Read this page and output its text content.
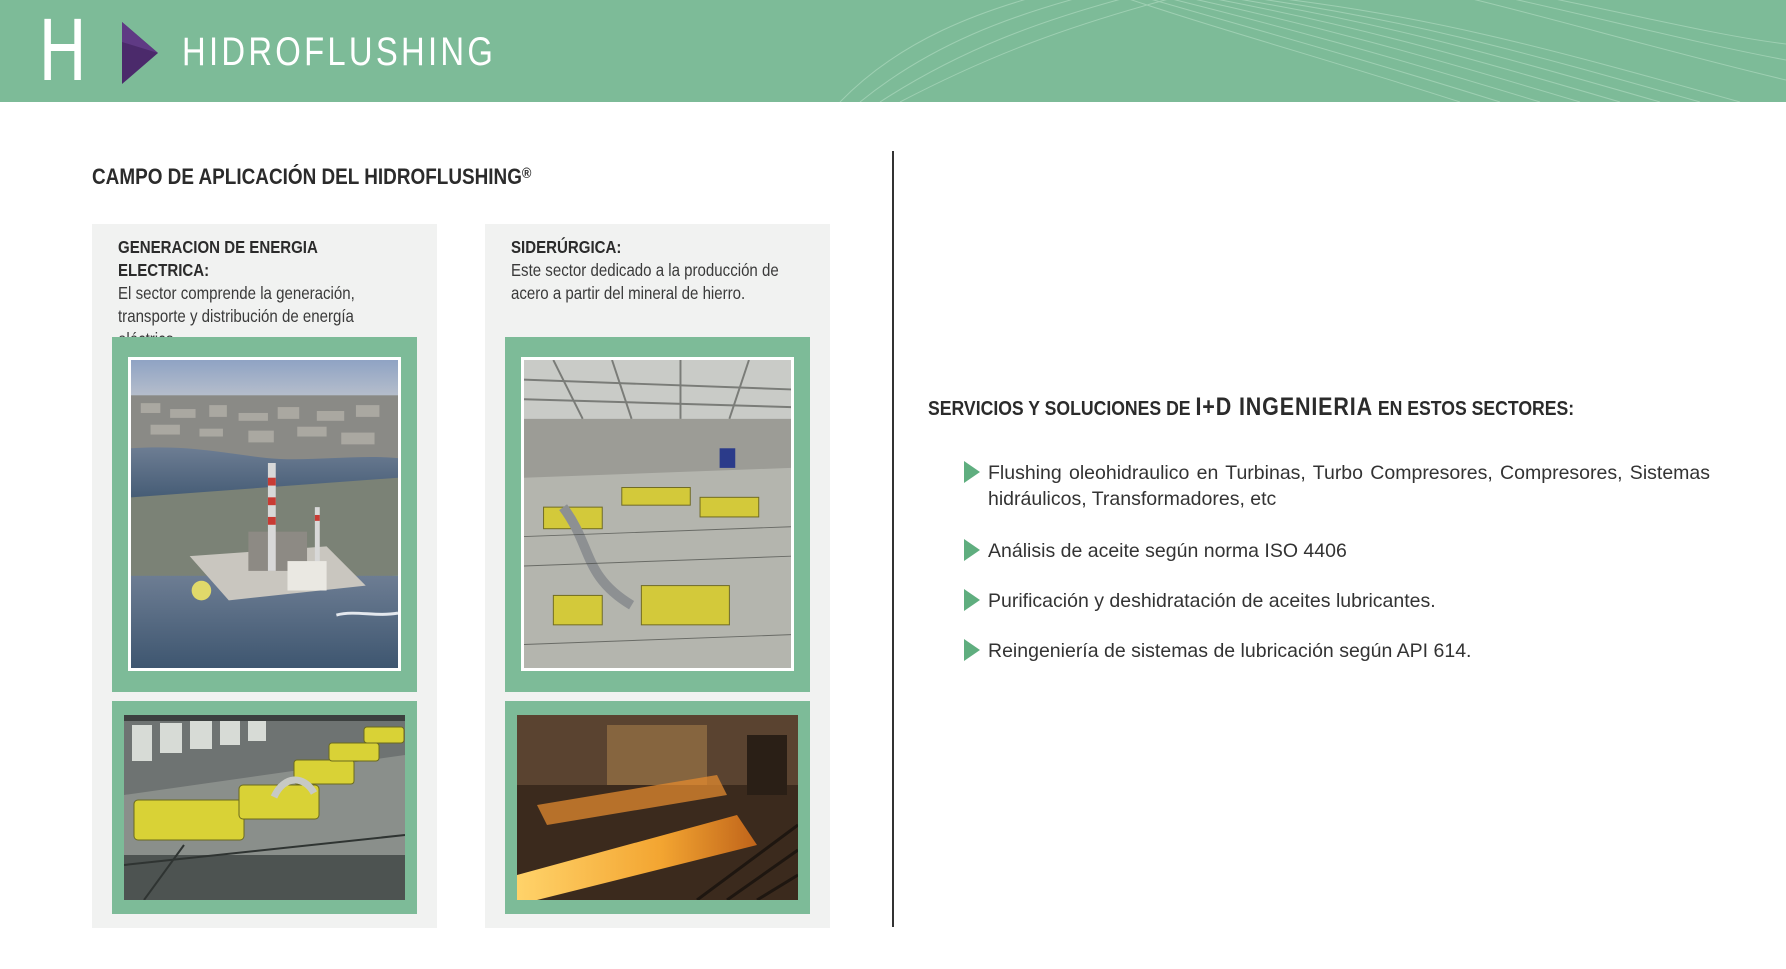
H HIDROFLUSHING
CAMPO DE APLICACIÓN DEL HIDROFLUSHING®
GENERACION DE ENERGIA ELECTRICA:
El sector comprende la generación, transporte y distribución de energía
SIDERÚRGICA:
Este sector dedicado a la producción de acero a partir del mineral de hierro.
SERVICIOS Y SOLUCIONES DE I+D INGENIERIA EN ESTOS SECTORES:
Flushing oleohidraulico en Turbinas, Turbo Compresores, Compresores, Sistemas hidráulicos, Transformadores, etc
Análisis de aceite según norma ISO 4406
Purificación y deshidratación de aceites lubricantes.
Reingeniería de sistemas de lubricación según API 614.
